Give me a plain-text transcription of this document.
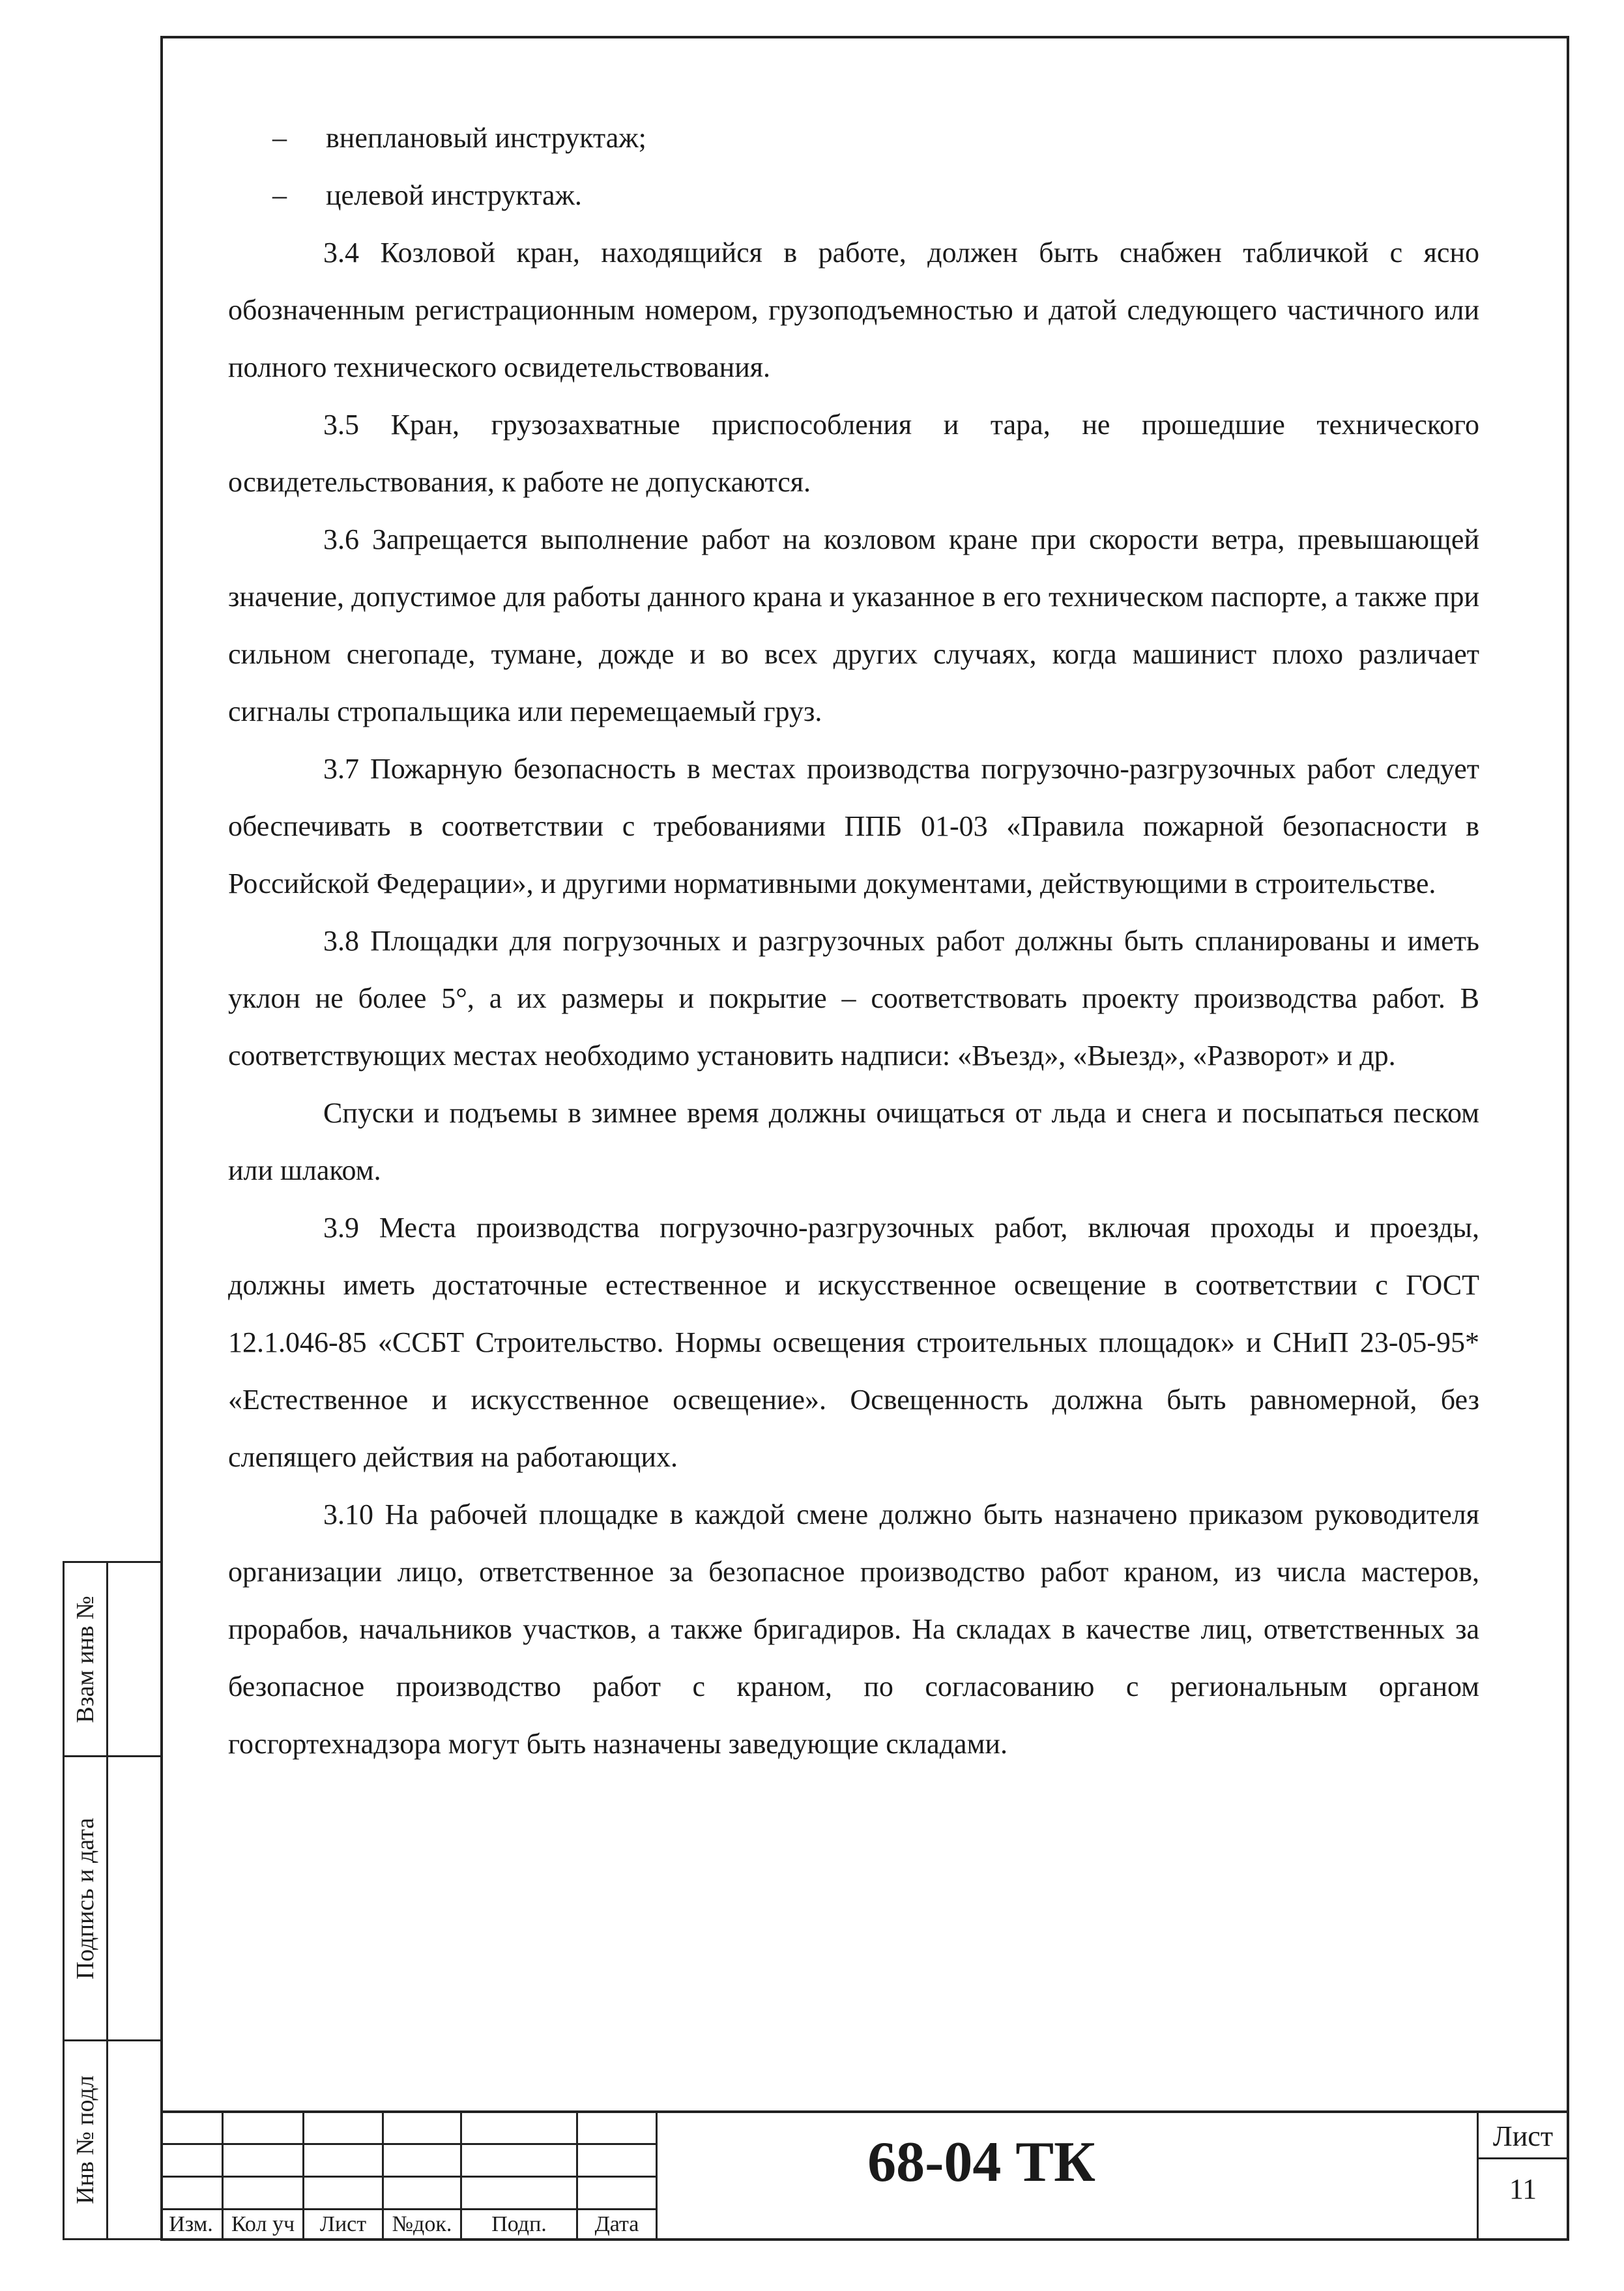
– внеплановый инструктаж;

– целевой инструктаж.

3.4 Козловой кран, находящийся в работе, должен быть снабжен табличкой с ясно обозначенным регистрационным номером, грузоподъемностью и датой следующего частичного или полного технического освидетельствования.

3.5 Кран, грузозахватные приспособления и тара, не прошедшие технического освидетельствования, к работе не допускаются.

3.6 Запрещается выполнение работ на козловом кране при скорости ветра, превышающей значение, допустимое для работы данного крана и указанное в его техническом паспорте, а также при сильном снегопаде, тумане, дожде и во всех других случаях, когда машинист плохо различает сигналы стропальщика или перемещаемый груз.

3.7 Пожарную безопасность в местах производства погрузочно-разгрузочных работ следует обеспечивать в соответствии с требованиями ППБ 01-03 «Правила пожарной безопасности в Российской Федерации», и другими нормативными документами, действующими в строительстве.

3.8 Площадки для погрузочных и разгрузочных работ должны быть спланированы и иметь уклон не более 5°, а их размеры и покрытие – соответствовать проекту производства работ. В соответствующих местах необходимо установить надписи: «Въезд», «Выезд», «Разворот» и др.

Спуски и подъемы в зимнее время должны очищаться от льда и снега и посыпаться песком или шлаком.

3.9 Места производства погрузочно-разгрузочных работ, включая проходы и проезды, должны иметь достаточные естественное и искусственное освещение в соответствии с ГОСТ 12.1.046-85 «ССБТ Строительство. Нормы освещения строительных площадок» и СНиП 23-05-95* «Естественное и искусственное освещение». Освещенность должна быть равномерной, без слепящего действия на работающих.

3.10 На рабочей площадке в каждой смене должно быть назначено приказом руководителя организации лицо, ответственное за безопасное производство работ краном, из числа мастеров, прорабов, начальников участков, а также бригадиров. На складах в качестве лиц, ответственных за безопасное производство работ с краном, по согласованию с региональным органом госгортехнадзора могут быть назначены заведующие складами.

Взам инв №
Подпись и дата
Инв № подл
Изм. Кол уч	Лист	№док.	Подп.	Дата
68-04 ТК	Лист
11
